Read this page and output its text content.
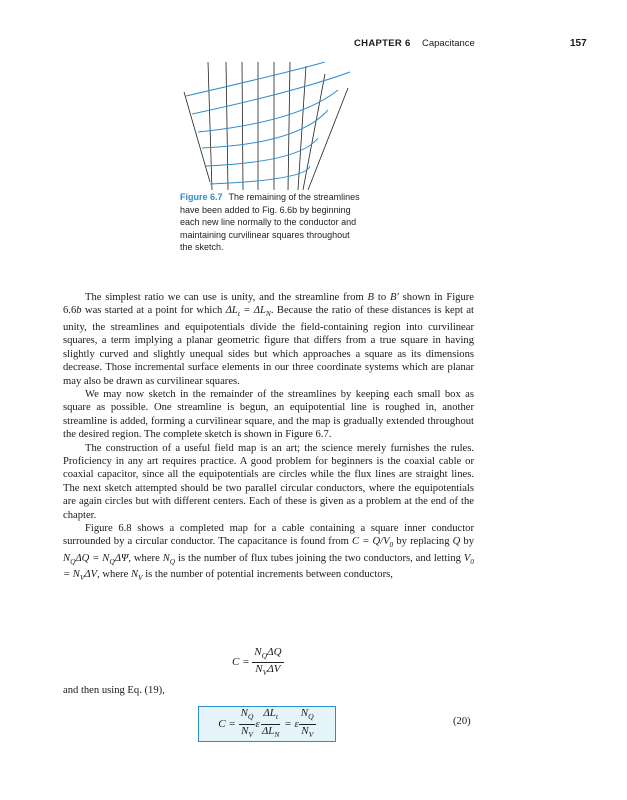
CHAPTER 6 Capacitance	157
Figure 6.7 The remaining of the streamlines have been added to Fig. 6.6b by beginning each new line normally to the conductor and maintaining curvilinear squares throughout the sketch.

The simplest ratio we can use is unity, and the streamline from B to B′ shown in Figure 6.6b was started at a point for which $\Delta L_t = \Delta L_N$. Because the ratio of these distances is kept at unity, the streamlines and equipotentials divide the field-containing region into curvilinear squares, a term implying a planar geometric figure that differs from a true square in having slightly curved and slightly unequal sides but which approaches a square as its dimensions decrease. Those incremental surface elements in our three coordinate systems which are planar may also be drawn as curvilinear squares.

We may now sketch in the remainder of the streamlines by keeping each small box as square as possible. One streamline is begun, an equipotential line is roughed in, another streamline is added, forming a curvilinear square, and the map is gradually extended throughout the desired region. The complete sketch is shown in Figure 6.7.

The construction of a useful field map is an art; the science merely furnishes the rules. Proficiency in any art requires practice. A good problem for beginners is the coaxial cable or coaxial capacitor, since all the equipotentials are circles while the flux lines are straight lines. The next sketch attempted should be two parallel circular conductors, where the equipotentials are again circles but with different centers. Each of these is given as a problem at the end of the chapter.

Figure 6.8 shows a completed map for a cable containing a square inner conductor surrounded by a circular conductor. The capacitance is found from $C = Q/V_0$ by replacing Q by $N_Q\Delta Q = N_Q\Delta\Psi$, where $N_Q$ is the number of flux tubes joining the two conductors, and letting $V_0 = N_V\Delta V$, where $N_V$ is the number of potential increments between conductors,

$C = \frac{N_Q\Delta Q}{N_V\Delta V}$
and then using Eq. (19),
C =
$\frac{N_Q}{N_V}$ ε $\frac{\Delta L_t}{\Delta L_N}$
= ε $\frac{N_Q}{N_V}$	(20)
